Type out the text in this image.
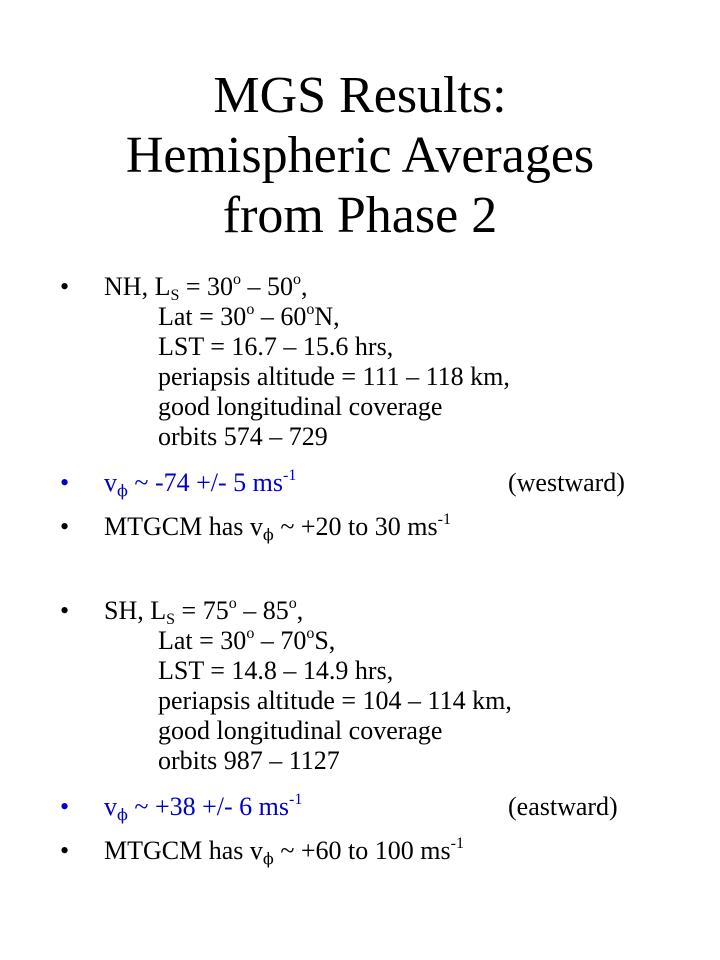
MGS Results:
Hemispheric Averages
from Phase 2
• NH, $L_S = 30^o - 50^o$,
Lat = $30^o - 60^oN$,
LST = 16.7 – 15.6 hrs,
periapsis altitude = 111 – 118 km,
good longitudinal coverage
orbits 574 – 729
• $v_\phi$ ~ -74 +/- 5 $ms^{-1}$	(westward)
• MTGCM has $v_\phi$ ~ +20 to 30 $ms^{-1}$
• SH, $L_S = 75^o - 85^o$,
Lat = $30^o - 70^oS$,
LST = 14.8 – 14.9 hrs,
periapsis altitude = 104 – 114 km,
good longitudinal coverage
orbits 987 – 1127
• $v_\phi$ ~ +38 +/- 6 $ms^{-1}$	(eastward)
• MTGCM has $v_\phi$ ~ +60 to 100 $ms^{-1}$
